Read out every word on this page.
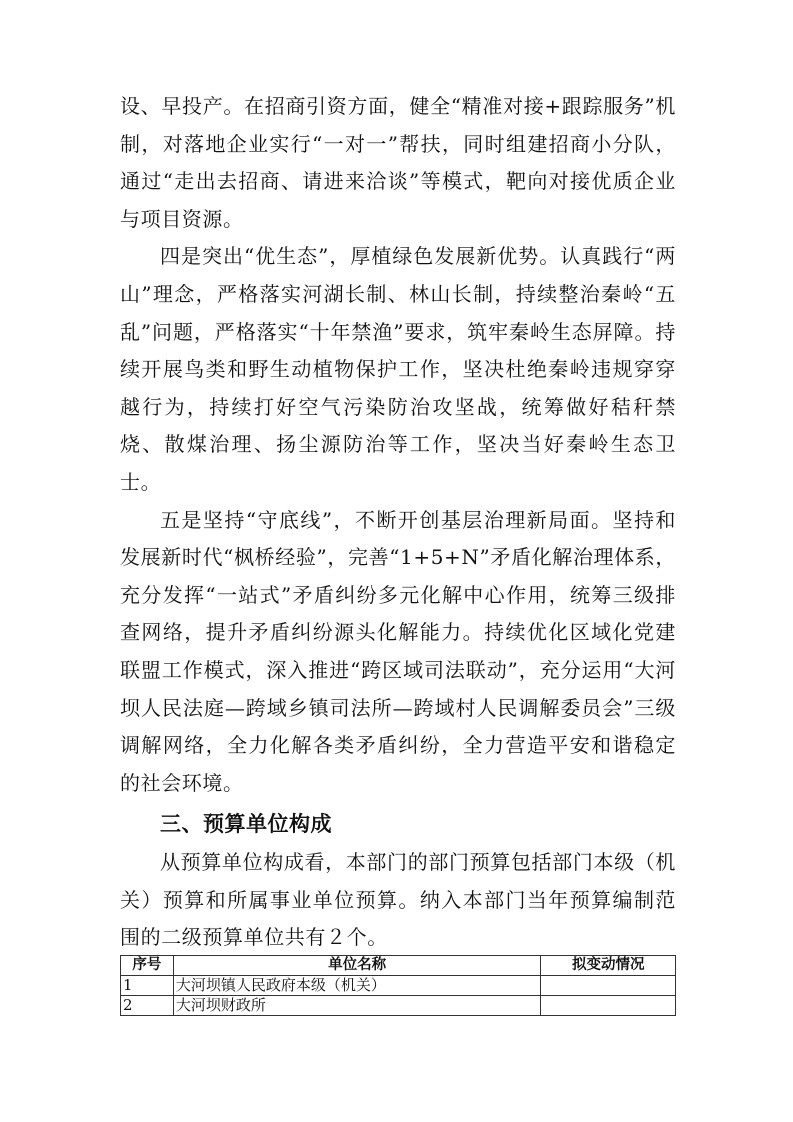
设、早投产。在招商引资方面，健全“精准对接+跟踪服务”机制，对落地企业实行“一对一”帮扶，同时组建招商小分队，通过“走出去招商、请进来洽谈”等模式，靶向对接优质企业与项目资源。

四是突出“优生态”，厚植绿色发展新优势。认真践行“两山”理念，严格落实河湖长制、林山长制，持续整治秦岭“五乱”问题，严格落实“十年禁渔”要求，筑牢秦岭生态屏障。持续开展鸟类和野生动植物保护工作，坚决杜绝秦岭违规穿穿越行为，持续打好空气污染防治攻坚战，统筹做好秸秆禁烧、散煤治理、扬尘源防治等工作，坚决当好秦岭生态卫士。

五是坚持“守底线”，不断开创基层治理新局面。坚持和发展新时代“枫桥经验”，完善“1+5+N”矛盾化解治理体系，充分发挥“一站式”矛盾纠纷多元化解中心作用，统筹三级排查网络，提升矛盾纠纷源头化解能力。持续优化区域化党建联盟工作模式，深入推进“跨区域司法联动”，充分运用“大河坝人民法庭—跨域乡镇司法所—跨域村人民调解委员会”三级调解网络，全力化解各类矛盾纠纷，全力营造平安和谐稳定的社会环境。

三、预算单位构成

从预算单位构成看，本部门的部门预算包括部门本级（机关）预算和所属事业单位预算。纳入本部门当年预算编制范围的二级预算单位共有２个。

序号	单位名称	拟变动情况
1	大河坝镇人民政府本级（机关）	
2	大河坝财政所	
